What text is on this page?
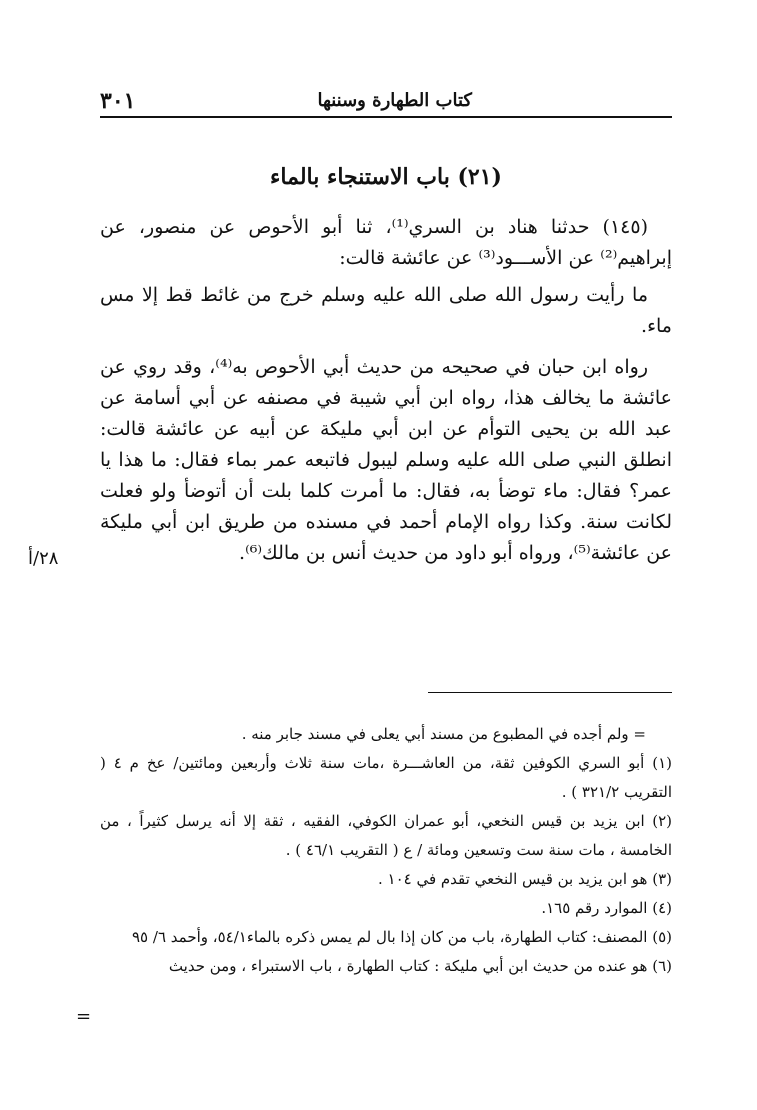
٣٠١	كتاب الطهارة وسننها
(٢١) باب الاستنجاء بالماء

(١٤٥) حدثنا هناد بن السري⁽¹⁾، ثنا أبو الأحوص عن منصور، عن إبراهيم⁽²⁾ عن الأســـود⁽³⁾ عن عائشة قالت:

ما رأيت رسول الله صلى الله عليه وسلم خرج من غائط قط إلا مس ماء.

رواه ابن حبان في صحيحه من حديث أبي الأحوص به⁽⁴⁾، وقد روي عن عائشة ما يخالف هذا، رواه ابن أبي شيبة في مصنفه عن أبي أسامة عن عبد الله بن يحيى التوأم عن ابن أبي مليكة عن أبيه عن عائشة قالت: انطلق النبي صلى الله عليه وسلم ليبول فاتبعه عمر بماء فقال: ما هذا يا عمر؟ فقال: ماء توضأ به، فقال: ما أمرت كلما بلت أن أتوضأ ولو فعلت لكانت سنة. وكذا رواه الإمام أحمد في مسنده من طريق ابن أبي مليكة عن عائشة⁽⁵⁾، ورواه أبو داود من حديث أنس بن مالك⁽⁶⁾.

٢٨/أ

= ولم أجده في المطبوع من مسند أبي يعلى في مسند جابر منه .

(١) أبو السري الكوفين ثقة، من العاشـــرة ،مات سنة ثلاث وأربعين ومائتين/ عخ م ٤ ( التقريب ٣٢١/٢ ) .

(٢) ابن يزيد بن قيس النخعي، أبو عمران الكوفي، الفقيه ، ثقة إلا أنه يرسل كثيراً ، من الخامسة ، مات سنة ست وتسعين ومائة / ع ( التقريب ٤٦/١ ) .

(٣) هو ابن يزيد بن قيس النخعي تقدم في ١٠٤ .

(٤) الموارد رقم ١٦٥.

(٥) المصنف: كتاب الطهارة، باب من كان إذا بال لم يمس ذكره بالماء٥٤/١، وأحمد ٦/ ٩٥

(٦) هو عنده من حديث ابن أبي مليكة : كتاب الطهارة ، باب الاستبراء ، ومن حديث

=
